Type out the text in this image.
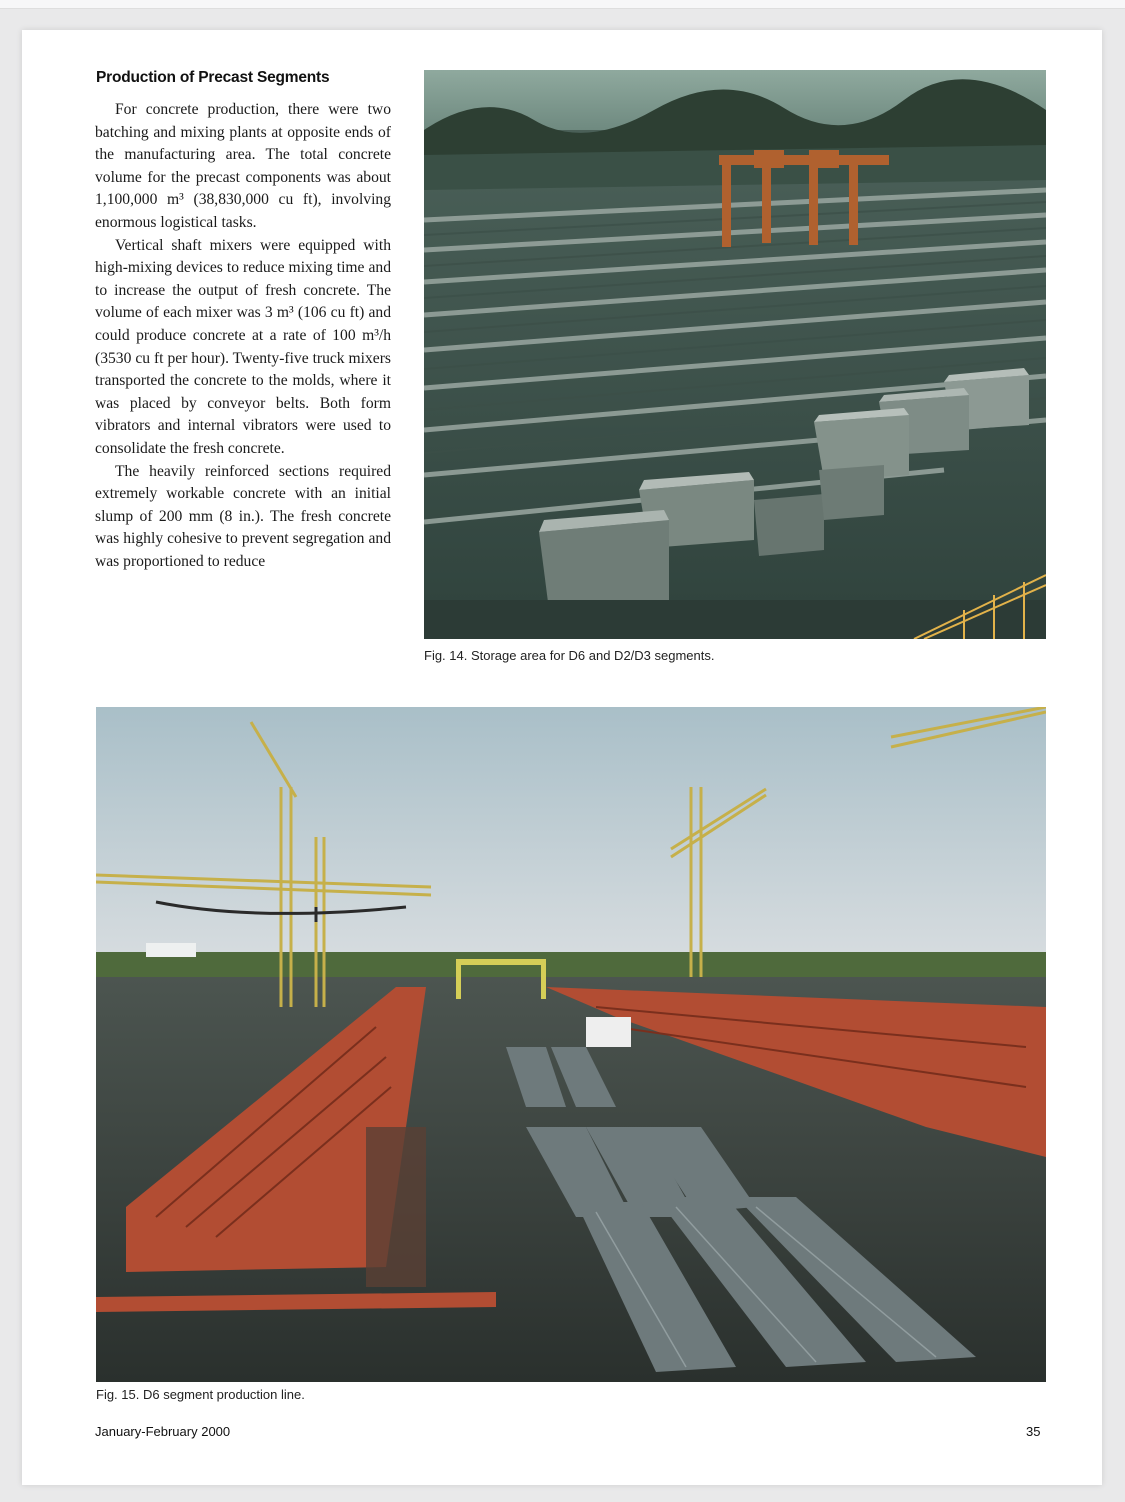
Production of Precast Segments

For concrete production, there were two batching and mixing plants at opposite ends of the manufacturing area. The total concrete volume for the precast components was about 1,100,000 m³ (38,830,000 cu ft), involving enormous logistical tasks.

Vertical shaft mixers were equipped with high-mixing devices to reduce mixing time and to increase the output of fresh concrete. The volume of each mixer was 3 m³ (106 cu ft) and could produce concrete at a rate of 100 m³/h (3530 cu ft per hour). Twenty-five truck mixers transported the concrete to the molds, where it was placed by conveyor belts. Both form vibrators and internal vibrators were used to consolidate the fresh concrete.

The heavily reinforced sections required extremely workable concrete with an initial slump of 200 mm (8 in.). The fresh concrete was highly cohesive to prevent segregation and was proportioned to reduce

Fig. 14. Storage area for D6 and D2/D3 segments.
Fig. 15. D6 segment production line.
January-February 2000	35
